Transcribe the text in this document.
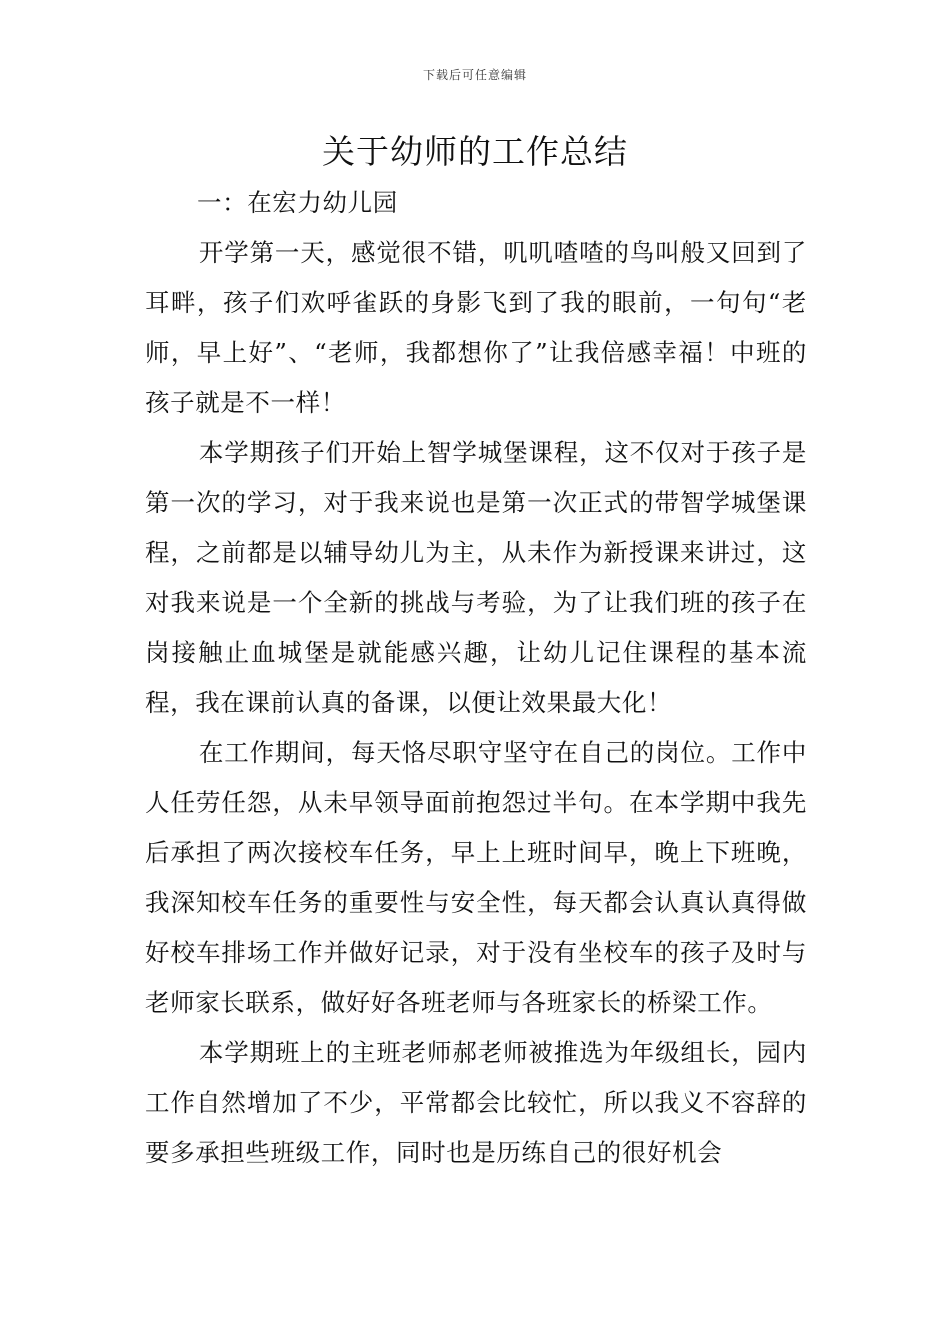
下载后可任意编辑
关于幼师的工作总结

一：在宏力幼儿园

开学第一天，感觉很不错，叽叽喳喳的鸟叫般又回到了耳畔，孩子们欢呼雀跃的身影飞到了我的眼前，一句句“老师，早上好”、“老师，我都想你了”让我倍感幸福！中班的孩子就是不一样！

本学期孩子们开始上智学城堡课程，这不仅对于孩子是第一次的学习，对于我来说也是第一次正式的带智学城堡课程，之前都是以辅导幼儿为主，从未作为新授课来讲过，这对我来说是一个全新的挑战与考验，为了让我们班的孩子在岗接触止血城堡是就能感兴趣，让幼儿记住课程的基本流程，我在课前认真的备课，以便让效果最大化！

在工作期间，每天恪尽职守坚守在自己的岗位。工作中人任劳任怨，从未早领导面前抱怨过半句。在本学期中我先后承担了两次接校车任务，早上上班时间早，晚上下班晚，我深知校车任务的重要性与安全性，每天都会认真认真得做好校车排场工作并做好记录，对于没有坐校车的孩子及时与老师家长联系，做好好各班老师与各班家长的桥梁工作。

本学期班上的主班老师郝老师被推选为年级组长，园内工作自然增加了不少，平常都会比较忙，所以我义不容辞的要多承担些班级工作，同时也是历练自己的很好机会
